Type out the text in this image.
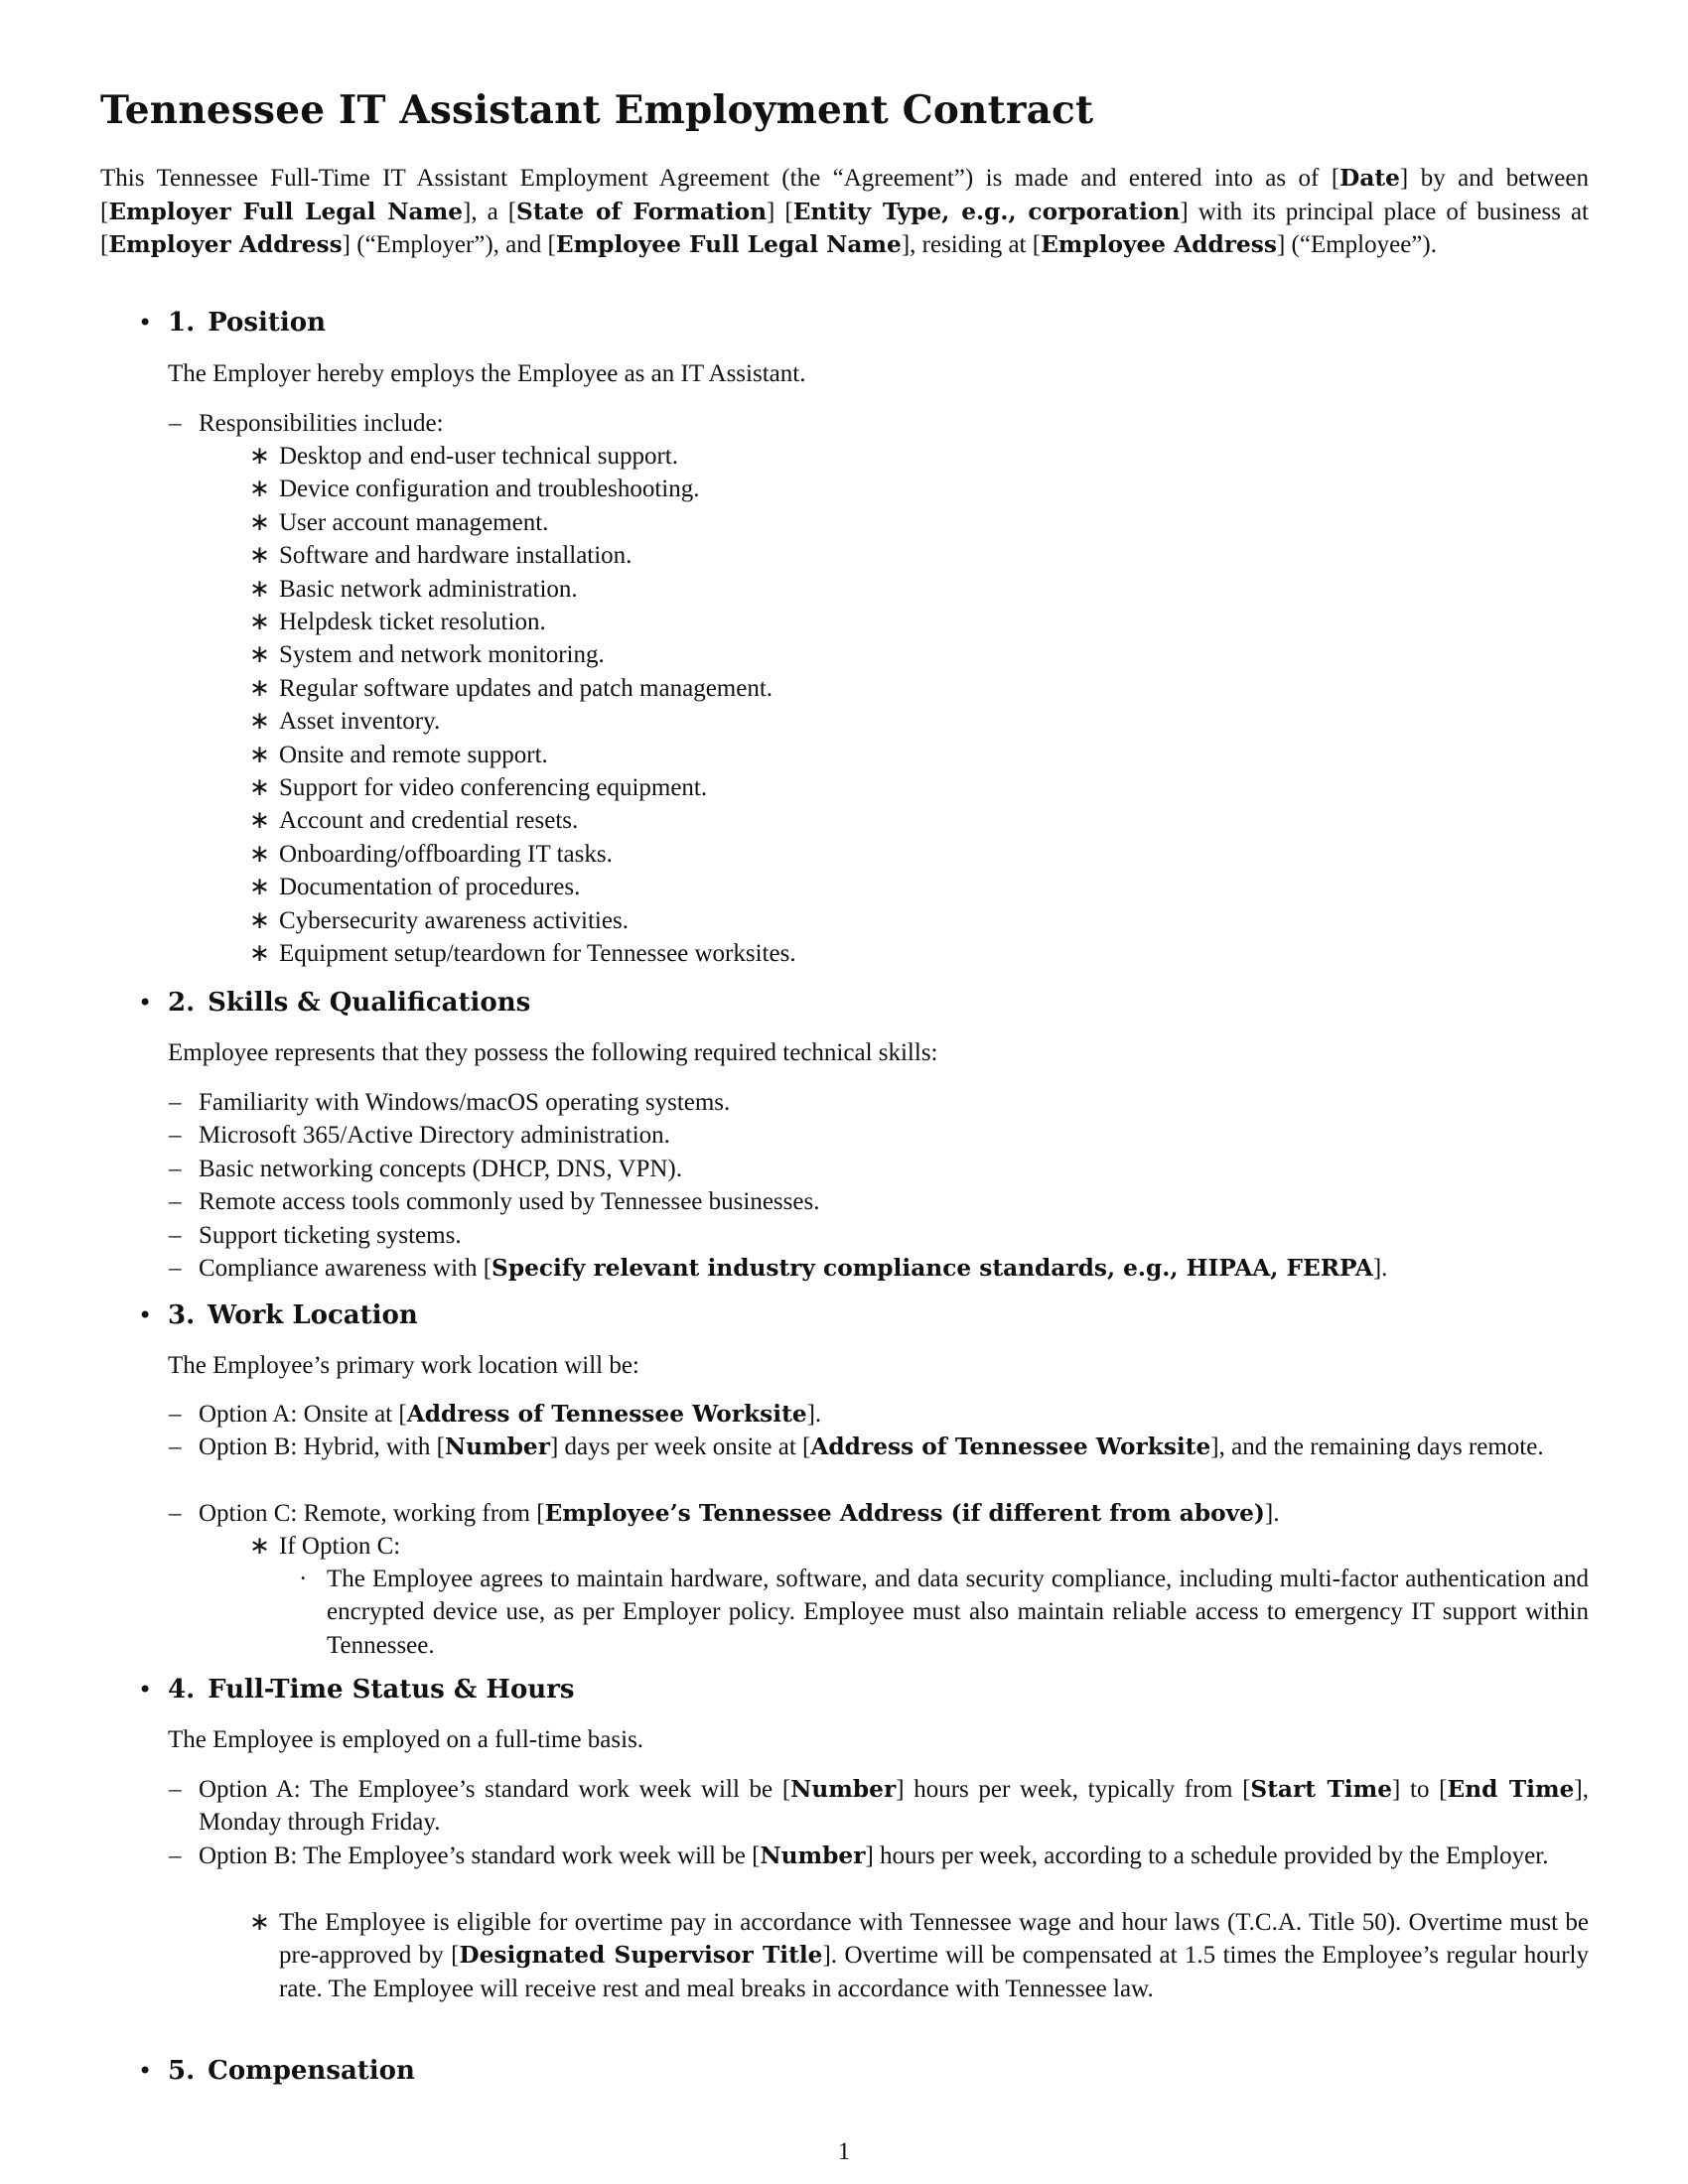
Tennessee IT Assistant Employment Contract

This Tennessee Full-Time IT Assistant Employment Agreement (the “Agreement”) is made and entered into as of [Date] by and between [Employer Full Legal Name], a [State of Formation] [Entity Type, e.g., corporation] with its principal place of business at [Employer Address] (“Employer”), and [Employee Full Legal Name], residing at [Employee Address] (“Employee”).

• 1. Position
The Employer hereby employs the Employee as an IT Assistant.
– Responsibilities include:
∗ Desktop and end-user technical support.
∗ Device configuration and troubleshooting.
∗ User account management.
∗ Software and hardware installation.
∗ Basic network administration.
∗ Helpdesk ticket resolution.
∗ System and network monitoring.
∗ Regular software updates and patch management.
∗ Asset inventory.
∗ Onsite and remote support.
∗ Support for video conferencing equipment.
∗ Account and credential resets.
∗ Onboarding/offboarding IT tasks.
∗ Documentation of procedures.
∗ Cybersecurity awareness activities.
∗ Equipment setup/teardown for Tennessee worksites.
• 2. Skills & Qualifications
Employee represents that they possess the following required technical skills:
– Familiarity with Windows/macOS operating systems.
– Microsoft 365/Active Directory administration.
– Basic networking concepts (DHCP, DNS, VPN).
– Remote access tools commonly used by Tennessee businesses.
– Support ticketing systems.
– Compliance awareness with [Specify relevant industry compliance standards, e.g., HIPAA, FERPA].
• 3. Work Location
The Employee’s primary work location will be:
– Option A: Onsite at [Address of Tennessee Worksite].
– Option B: Hybrid, with [Number] days per week onsite at [Address of Tennessee Worksite], and the remaining days remote.
– Option C: Remote, working from [Employee’s Tennessee Address (if different from above)].
∗ If Option C:
· The Employee agrees to maintain hardware, software, and data security compliance, including multi-factor authentication and encrypted device use, as per Employer policy. Employee must also maintain reliable access to emergency IT support within Tennessee.
• 4. Full-Time Status & Hours
The Employee is employed on a full-time basis.
– Option A: The Employee’s standard work week will be [Number] hours per week, typically from [Start Time] to [End Time], Monday through Friday.
– Option B: The Employee’s standard work week will be [Number] hours per week, according to a schedule provided by the Employer.
∗ The Employee is eligible for overtime pay in accordance with Tennessee wage and hour laws (T.C.A. Title 50). Overtime must be pre-approved by [Designated Supervisor Title]. Overtime will be compensated at 1.5 times the Employee’s regular hourly rate. The Employee will receive rest and meal breaks in accordance with Tennessee law.
• 5. Compensation
1
